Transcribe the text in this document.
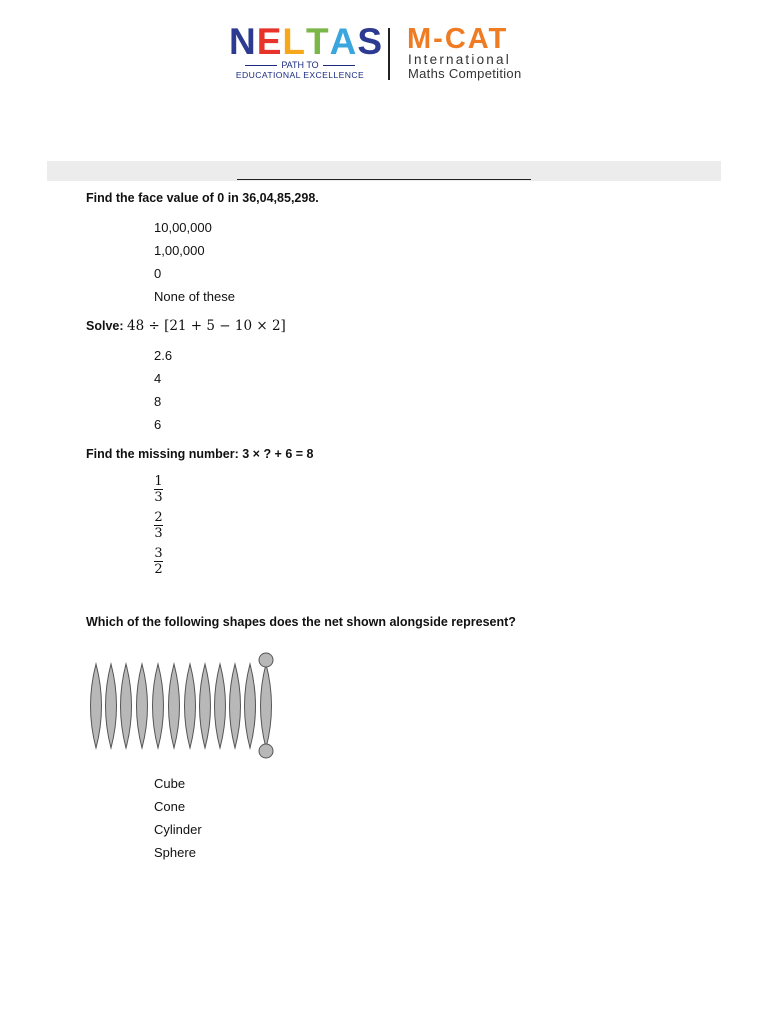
NELTAS
PATH TO
EDUCATIONAL EXCELLENCE
M-CAT
International
Maths Competition
Find the face value of 0 in 36,04,85,298.
10,00,000
1,00,000
0
None of these
Solve: 48 ÷ [21 + 5 − 10 × 2]
2.6
4
8
6
Find the missing number: 3 × ? + 6 = 8
1
3
2
3
3
2
Which of the following shapes does the net shown alongside represent?
Cube
Cone
Cylinder
Sphere
